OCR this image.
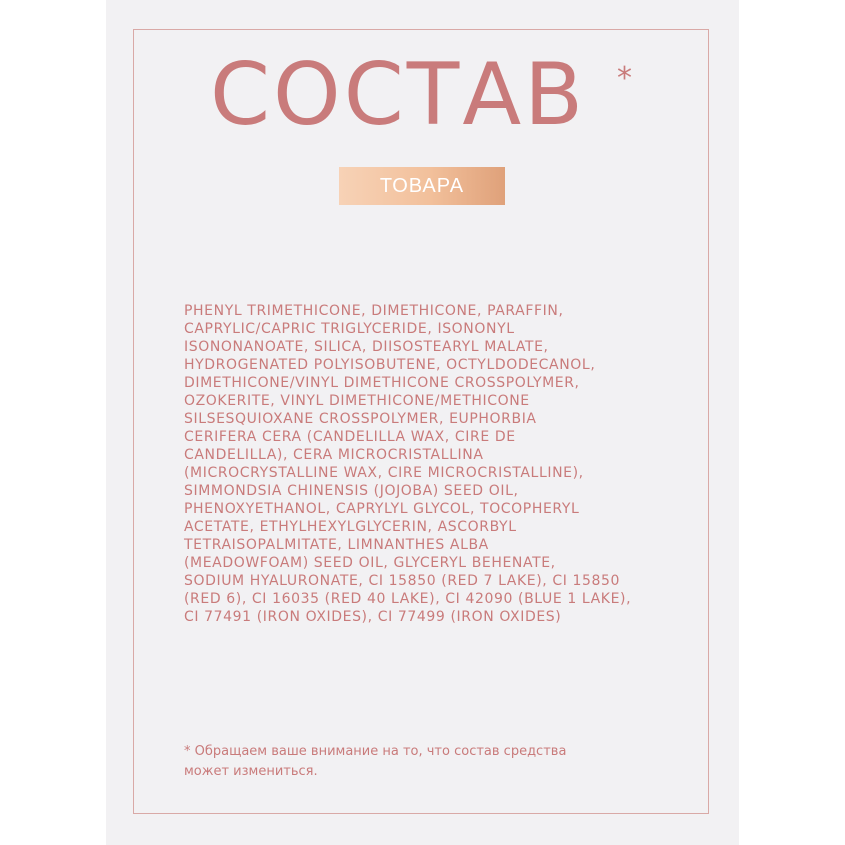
СОСТАВ *
ТОВАРА

PHENYL TRIMETHICONE, DIMETHICONE, PARAFFIN,
CAPRYLIC/CAPRIC TRIGLYCERIDE, ISONONYL
ISONONANOATE, SILICA, DIISOSTEARYL MALATE,
HYDROGENATED POLYISOBUTENE, OCTYLDODECANOL,
DIMETHICONE/VINYL DIMETHICONE CROSSPOLYMER,
OZOKERITE, VINYL DIMETHICONE/METHICONE
SILSESQUIOXANE CROSSPOLYMER, EUPHORBIA
CERIFERA CERA (CANDELILLA WAX, CIRE DE
CANDELILLA), CERA MICROCRISTALLINA
(MICROCRYSTALLINE WAX, CIRE MICROCRISTALLINE),
SIMMONDSIA CHINENSIS (JOJOBA) SEED OIL,
PHENOXYETHANOL, CAPRYLYL GLYCOL, TOCOPHERYL
ACETATE, ETHYLHEXYLGLYCERIN, ASCORBYL
TETRAISOPALMITATE, LIMNANTHES ALBA
(MEADOWFOAM) SEED OIL, GLYCERYL BEHENATE,
SODIUM HYALURONATE, CI 15850 (RED 7 LAKE), CI 15850
(RED 6), CI 16035 (RED 40 LAKE), CI 42090 (BLUE 1 LAKE),
CI 77491 (IRON OXIDES), CI 77499 (IRON OXIDES)

* Обращаем ваше внимание на то, что состав средства
может измениться.
